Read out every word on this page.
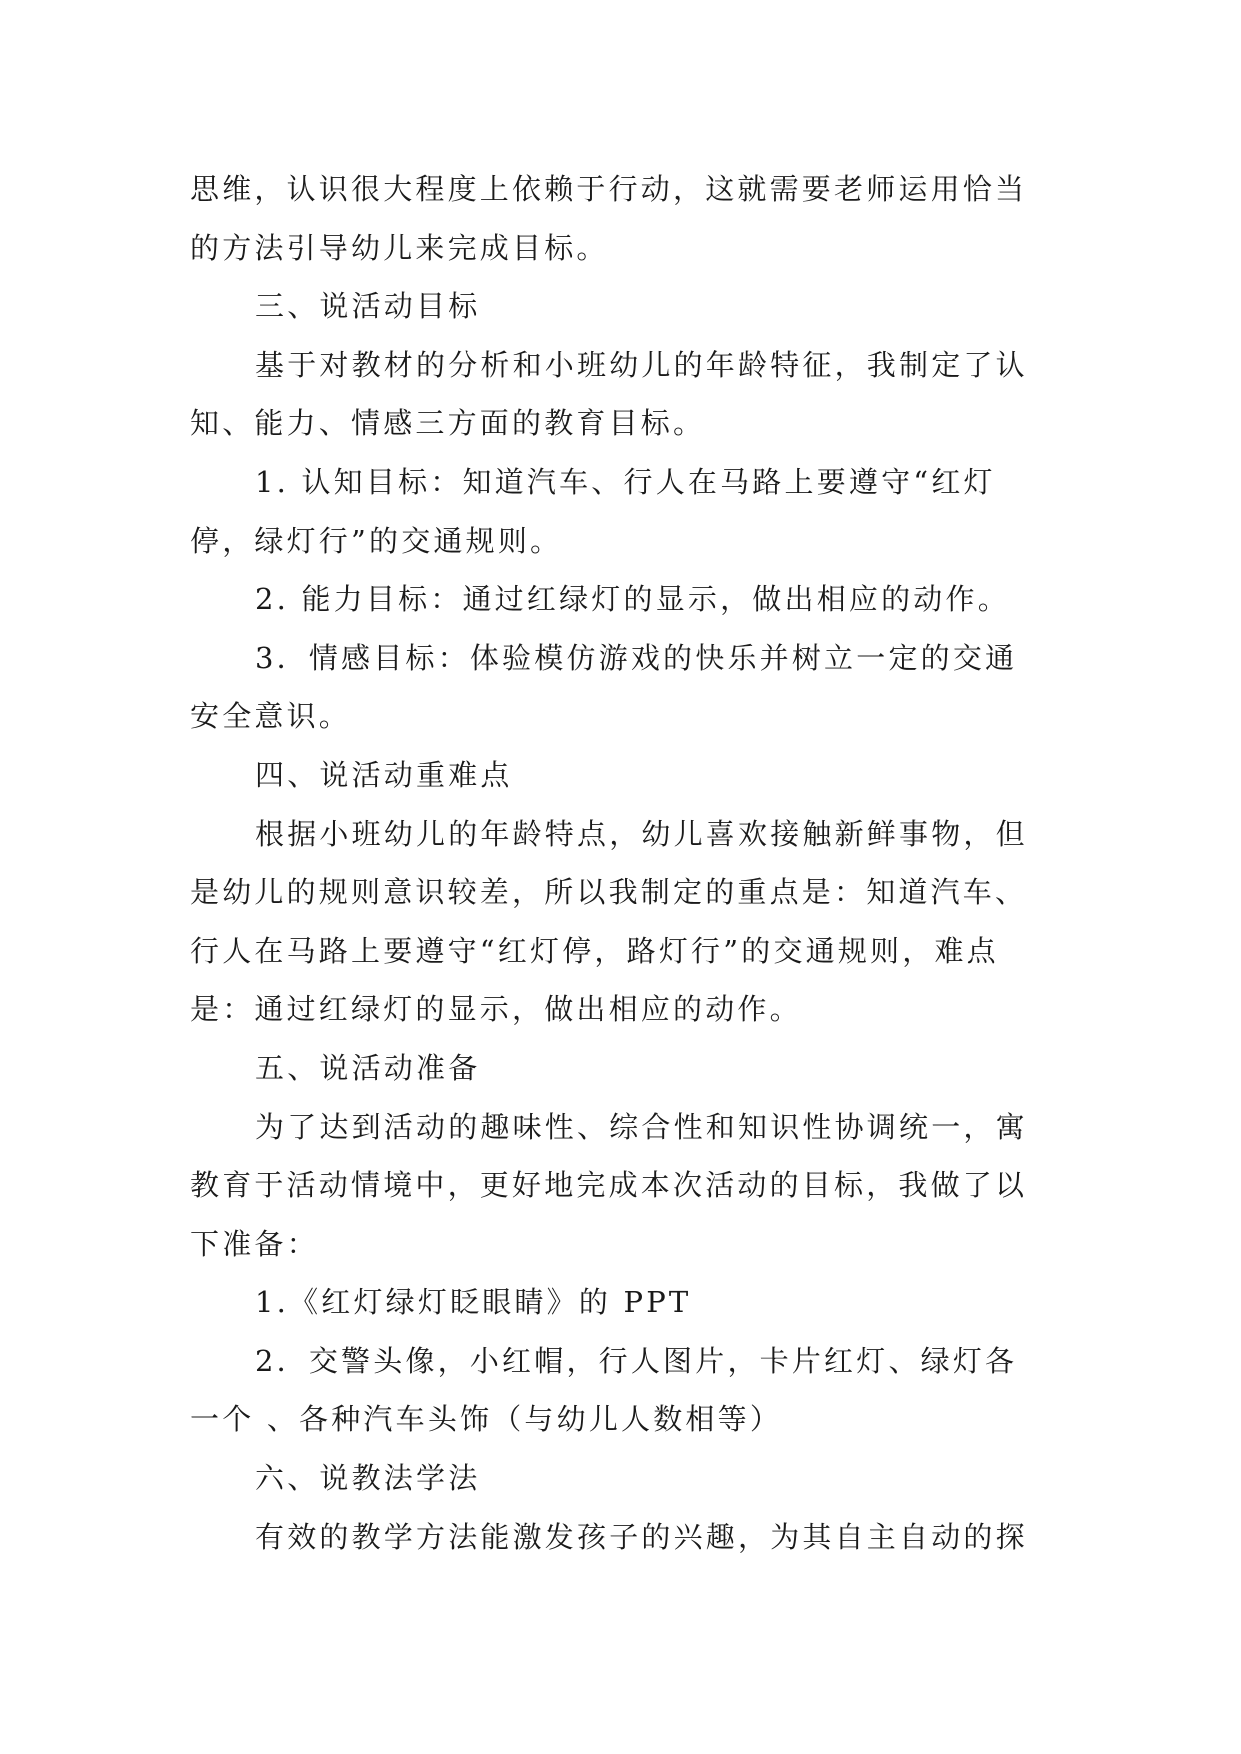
思维，认识很大程度上依赖于行动，这就需要老师运用恰当
的方法引导幼儿来完成目标。
三、说活动目标
基于对教材的分析和小班幼儿的年龄特征，我制定了认
知、能力、情感三方面的教育目标。
1. 认知目标：知道汽车、行人在马路上要遵守“红灯
停，绿灯行”的交通规则。
2. 能力目标：通过红绿灯的显示，做出相应的动作。
3．情感目标：体验模仿游戏的快乐并树立一定的交通
安全意识。
四、说活动重难点
根据小班幼儿的年龄特点，幼儿喜欢接触新鲜事物，但
是幼儿的规则意识较差，所以我制定的重点是：知道汽车、
行人在马路上要遵守“红灯停，路灯行”的交通规则，难点
是：通过红绿灯的显示，做出相应的动作。
五、说活动准备
为了达到活动的趣味性、综合性和知识性协调统一，寓
教育于活动情境中，更好地完成本次活动的目标，我做了以
下准备：
1.《红灯绿灯眨眼睛》的 PPT
2．交警头像，小红帽，行人图片，卡片红灯、绿灯各
一个 、各种汽车头饰（与幼儿人数相等）
六、说教法学法
有效的教学方法能激发孩子的兴趣，为其自主自动的探
